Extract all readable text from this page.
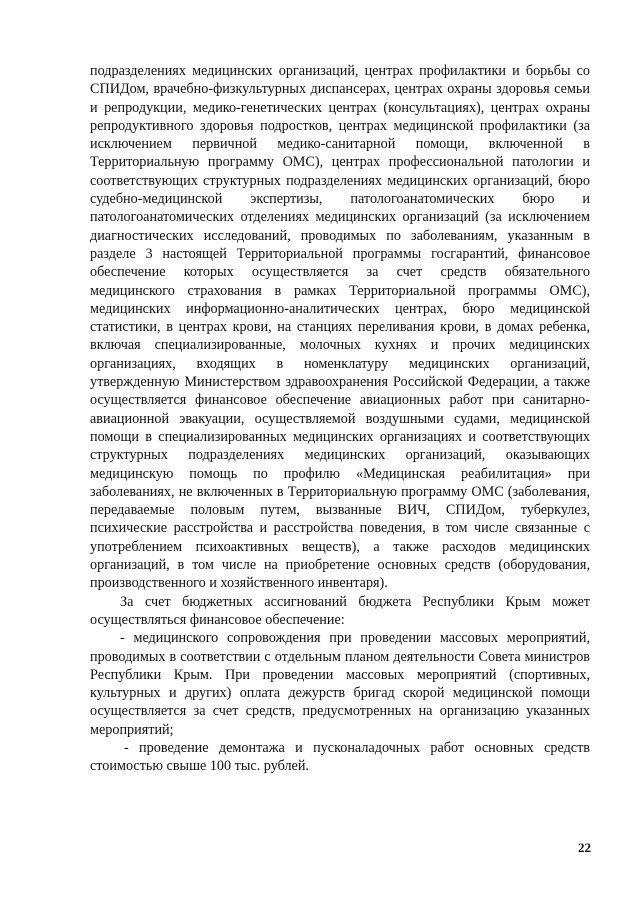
подразделениях медицинских организаций, центрах профилактики и борьбы со СПИДом, врачебно-физкультурных диспансерах, центрах охраны здоровья семьи и репродукции, медико-генетических центрах (консультациях), центрах охраны репродуктивного здоровья подростков, центрах медицинской профилактики (за исключением первичной медико-санитарной помощи, включенной в Территориальную программу ОМС), центрах профессиональной патологии и соответствующих структурных подразделениях медицинских организаций, бюро судебно-медицинской экспертизы, патологоанатомических бюро и патологоанатомических отделениях медицинских организаций (за исключением диагностических исследований, проводимых по заболеваниям, указанным в разделе 3 настоящей Территориальной программы госгарантий, финансовое обеспечение которых осуществляется за счет средств обязательного медицинского страхования в рамках Территориальной программы ОМС), медицинских информационно-аналитических центрах, бюро медицинской статистики, в центрах крови, на станциях переливания крови, в домах ребенка, включая специализированные, молочных кухнях и прочих медицинских организациях, входящих в номенклатуру медицинских организаций, утвержденную Министерством здравоохранения Российской Федерации, а также осуществляется финансовое обеспечение авиационных работ при санитарно-авиационной эвакуации, осуществляемой воздушными судами, медицинской помощи в специализированных медицинских организациях и соответствующих структурных подразделениях медицинских организаций, оказывающих медицинскую помощь по профилю «Медицинская реабилитация» при заболеваниях, не включенных в Территориальную программу ОМС (заболевания, передаваемые половым путем, вызванные ВИЧ, СПИДом, туберкулез, психические расстройства и расстройства поведения, в том числе связанные с употреблением психоактивных веществ), а также расходов медицинских организаций, в том числе на приобретение основных средств (оборудования, производственного и хозяйственного инвентаря).

За счет бюджетных ассигнований бюджета Республики Крым может осуществляться финансовое обеспечение:

- медицинского сопровождения при проведении массовых мероприятий, проводимых в соответствии с отдельным планом деятельности Совета министров Республики Крым. При проведении массовых мероприятий (спортивных, культурных и других) оплата дежурств бригад скорой медицинской помощи осуществляется за счет средств, предусмотренных на организацию указанных мероприятий;

- проведение демонтажа и пусконаладочных работ основных средств стоимостью свыше 100 тыс. рублей.

22
